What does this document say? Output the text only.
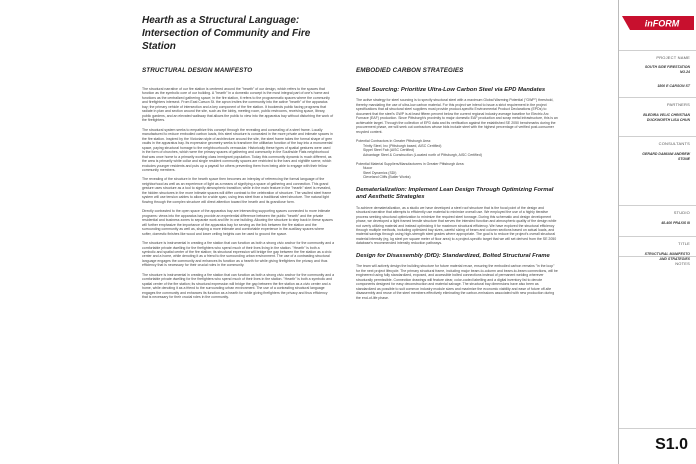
Hearth as a Structural Language: Intersection of Community and Fire Station
STRUCTURAL DESIGN MANIFESTO	EMBODIED CARBON STRATEGIES

The structural narrative of our fire station is centered around the "hearth" of our design, which refers to the spaces that function as the symbolic core of our building. A "hearth" in a domestic concept is the most integral part of one's home and functions as the centralized gathering space; in the fire station, it refers to the programmatic spaces where the community and firefighters intersect. From East Carson St. the apron invites the community into the active "hearth" of the apparatus bay; the primary vehicle of intersection and a key component of the fire station. It bookends public facing programs that radiate in plan and section around the site, such as the lobby, meeting room, public restrooms, receiving space, library, public gardens, and an elevated walkway that allows the public to view into the apparatus bay without disturbing the work of the firefighters.

The structural system seeks to empathize this concept through the revealing and concealing of a steel frame. Locally manufactured to reduce embodied carbon loads, this steel structure is concealed in the more private and intimate spaces in the fire station. Inspired by the Victorian style of architecture around the site, the steel frame takes the formal shape of gren vaults in the apparatus bay. Its expressive geometry seeks to transform the utilitarian function of the bay into a monumental space, paying structural homage to the neighbourhood's vernacular. Historically these types of spatial gestures were used in the form of churches, which were the primary spaces of gathering and community in the Southside Flats neighborhood that was once home to a primarily working class immigrant population. Today this community dynamic is much different, as the area is primarily white collar and single resident community spaces are restricted to the bars and nightlife scene, which excludes younger residents and puts up a payeall for others preventing them from being able to engage with their fellow community members.

The revealing of the structure in the hearth space then becomes an interplay of referencing the formal language of the neighborhood as well as an experience of light as a means of signifying a space of gathering and connection. This grand gesture uses structure as a tool to signify atmospheric transition; while in the main feature in the "hearth" steel is revealed, the hidden structures in the more intimate spaces will differ contrast to the celebration of structure. The vaulted steel frame system will use tension cables to allow for a wide span, using less steel than a traditional steel structure. The natural light flowing through the complex structure will direct attention toward the hearth and its grandiose form.

Directly contrasted to the open space of the apparatus bay are intersecting supporting spaces connected to more intimate programs: views into the apparatus bay provide an experiential difference between the public "hearth" and the private residential and business zones to separate work and life in one building. Allowing the structure to step back in these spaces will further emphasize the importance of the apparatus bay for serving as the link between the fire station and the surrounding community as well as, shaping a more intimate and comfortable experience in the auxiliary spaces where softer, domestic finishes like wood and lower ceiling heights can be used to ground the space.

The structure is instrumental in creating a fire station that can function as both a strong civic anchor for the community and a comfortable private dwelling for the firefighters who spend much of their lives living in the station. "Hearth" is both a symbolic and spatial center of the fire station; its structural expression will bridge the gap between the fire station as a civic center and a home, while denoting it as a friend to the surrounding urban environment. The use of a contrasting structural language engages the community and enhances its function as a hearth for while giving firefighters the privacy and thus efficiency that is necessary for their crucial roles in the community.

The structure is instrumental in creating a fire station that can function as both a strong civic anchor for the community and a comfortable private dwelling for the firefighters who spend much of their lives in the station. "Hearth" is both a symbolic and spatial center of the fire station; its structural expression will bridge the gap between the fire station as a civic center and a home, while denoting it as a friend to the surrounding urban environment. The use of a contrasting structural language engages the community and enhances its function as a hearth for while giving firefighters the privacy and thus efficiency that is necessary for their crucial roles in the community.

Steel Sourcing: Prioritize Ultra-Low Carbon Steel via EPD Mandates

The active strategy for steel sourcing is to specify structural steel with a maximum Global Warming Potential ("GWP") threshold, thereby mandating the use of ultra-low carbon material. For this project we intend to issue a strict requirement in the project specifications that all structural steel suppliers must provide product-specific Environmental Product Declarations (EPDs) to document that the steel's GWP is at least fifteen percent below the current regional industry average baseline for Electric Arc Furnace (EAF) production. Since Pittsburgh's proximity to major domestic EAF production and scrap metal infrastructure, this is an achievable target. Through the collection of EPD data and its verification against the established SE 2050 benchmarks during the procurement phase, we will seek out contractors whose bids include steel with the highest percentage of verified post-consumer recycled content.

Potential Contractors in Greater Pittsburgh Area:
Trinity Steel, Inc (Pittsburgh based, AISC Certified)
Sippel Steel Fab (AISC Certified)
Advantage Steel & Construction (Located north of Pittsburgh, AISC Certified)
Potential Material Suppliers/Manufacturers in Greater Pittsburgh Area:
Nucor
Steel Dynamics (SDI)
Cleveland Cliffs (Butler Works)
Dematerialization: Implement Lean Design Through Optimizing Formal and Aesthetic Strategies

To achieve dematerialization, as a studio we have developed a steel roof structure that is the focal point of the design and structural narrative that attempts to efficiently use material to minimize overall use. We employed the use of a highly iterative process seeking structural optimization to minimize the required steel tonnage. During this schematic and design development phase, we developed a light framed tensile structure that serves the intended function and atmospheric quality of the design while not overly utilizing material and instead optimizing it for maximum structural efficiency. We have explored the structural efficiency through multiple methods, including optimized bay sizes, careful sizing of beam and column sections based on actual loads, and material savings through using high-strength steel grades where appropriate. The goal is to reduce the project's overall structural material intensity (eg, kg steel per square meter of floor area) to a project-specific target that we will set derived from the SE 2050 database's recommended intensity reduction pathways.

Design for Disassembly (DfD): Standardized, Bolted Structural Frame

The team will actively design the building structure for future material reuse, ensuring the embodied carbon remains "in the loop" for the next project lifecycle. The primary structural frame, including major beam-to-column and beam-to-beam connections, will be engineered using fully standardized, exposed, and accessible bolted connections instead of permanent welding wherever structurally permissible. Connection drawings will feature clear, color-coded labelling and a digital inventory list to denote components designed for easy deconstruction and material salvage. The structural bay dimensions have also been as standardized as possible to suit common industry module sizes and maximize the economic viability and ease of future off-site disassembly and reuse of the steel members effectively eliminating the carbon-emissions associated with new production during the end-of-life phase.

inFORM
PROJECT NAME
SOUTH SIDE FIRESTATION NO.24
1800 E CARSON ST
PARTNERS
BLEDIRA VELIC CHRISTIAN DUCKWORTH LISA CHUN
CONSULTANTS
GERARD DAMIANI ANDREW STONE
STUDIO
48-400 PRAXIS III
TITLE
STRUCTURAL MANIFESTO AND STRATEGIES
NOTES
S1.0
